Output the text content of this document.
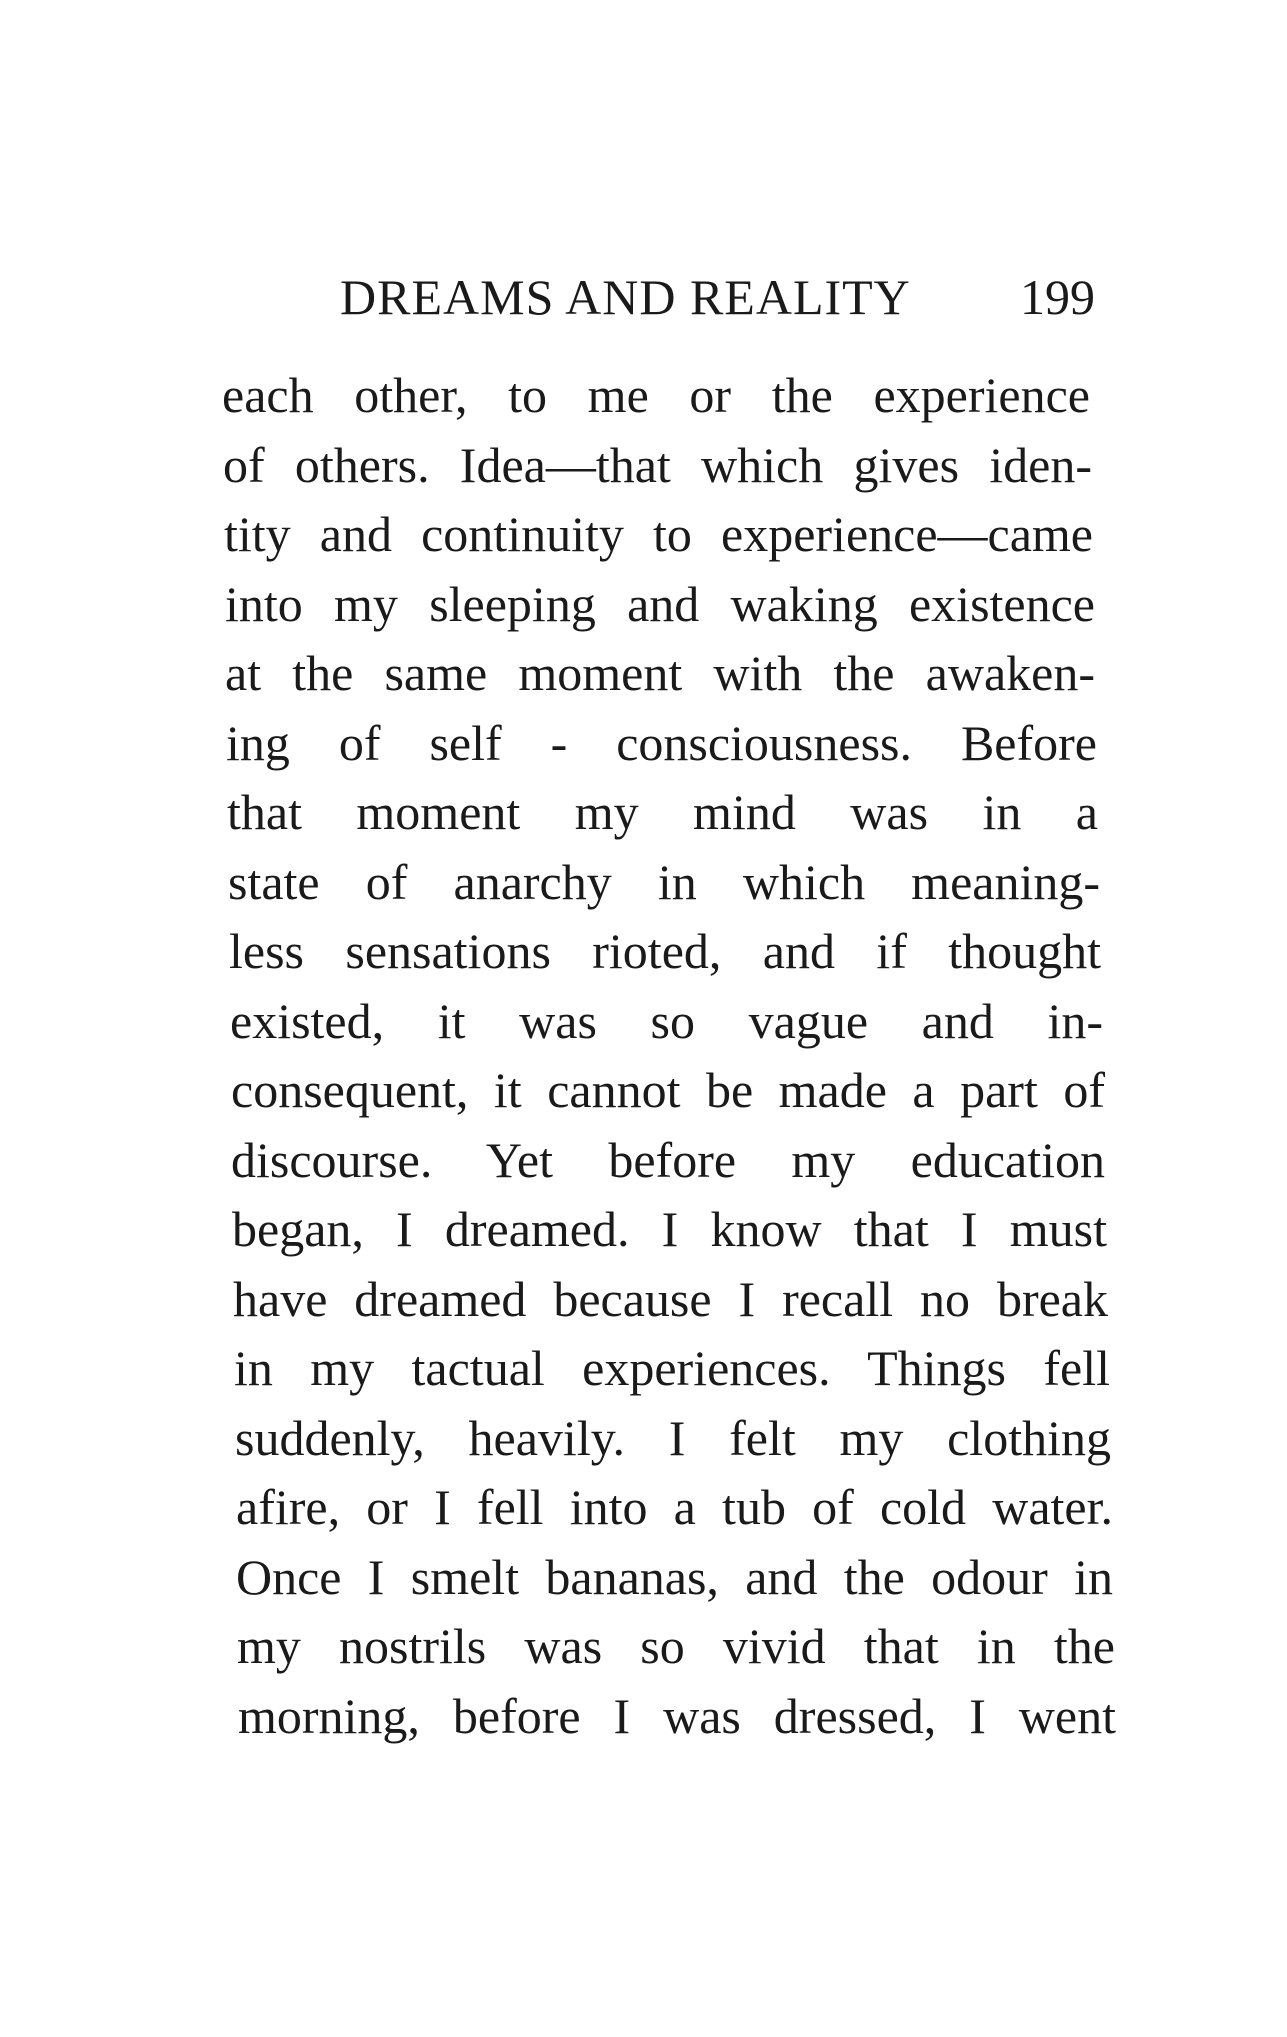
DREAMS AND REALITY 199
each other, to me or the experience
of others. Idea—that which gives iden-
tity and continuity to experience—came
into my sleeping and waking existence
at the same moment with the awaken-
ing of self - consciousness. Before
that moment my mind was in a
state of anarchy in which meaning-
less sensations rioted, and if thought
existed, it was so vague and in-
consequent, it cannot be made a part of
discourse. Yet before my education
began, I dreamed. I know that I must
have dreamed because I recall no break
in my tactual experiences. Things fell
suddenly, heavily. I felt my clothing
afire, or I fell into a tub of cold water.
Once I smelt bananas, and the odour in
my nostrils was so vivid that in the
morning, before I was dressed, I went
